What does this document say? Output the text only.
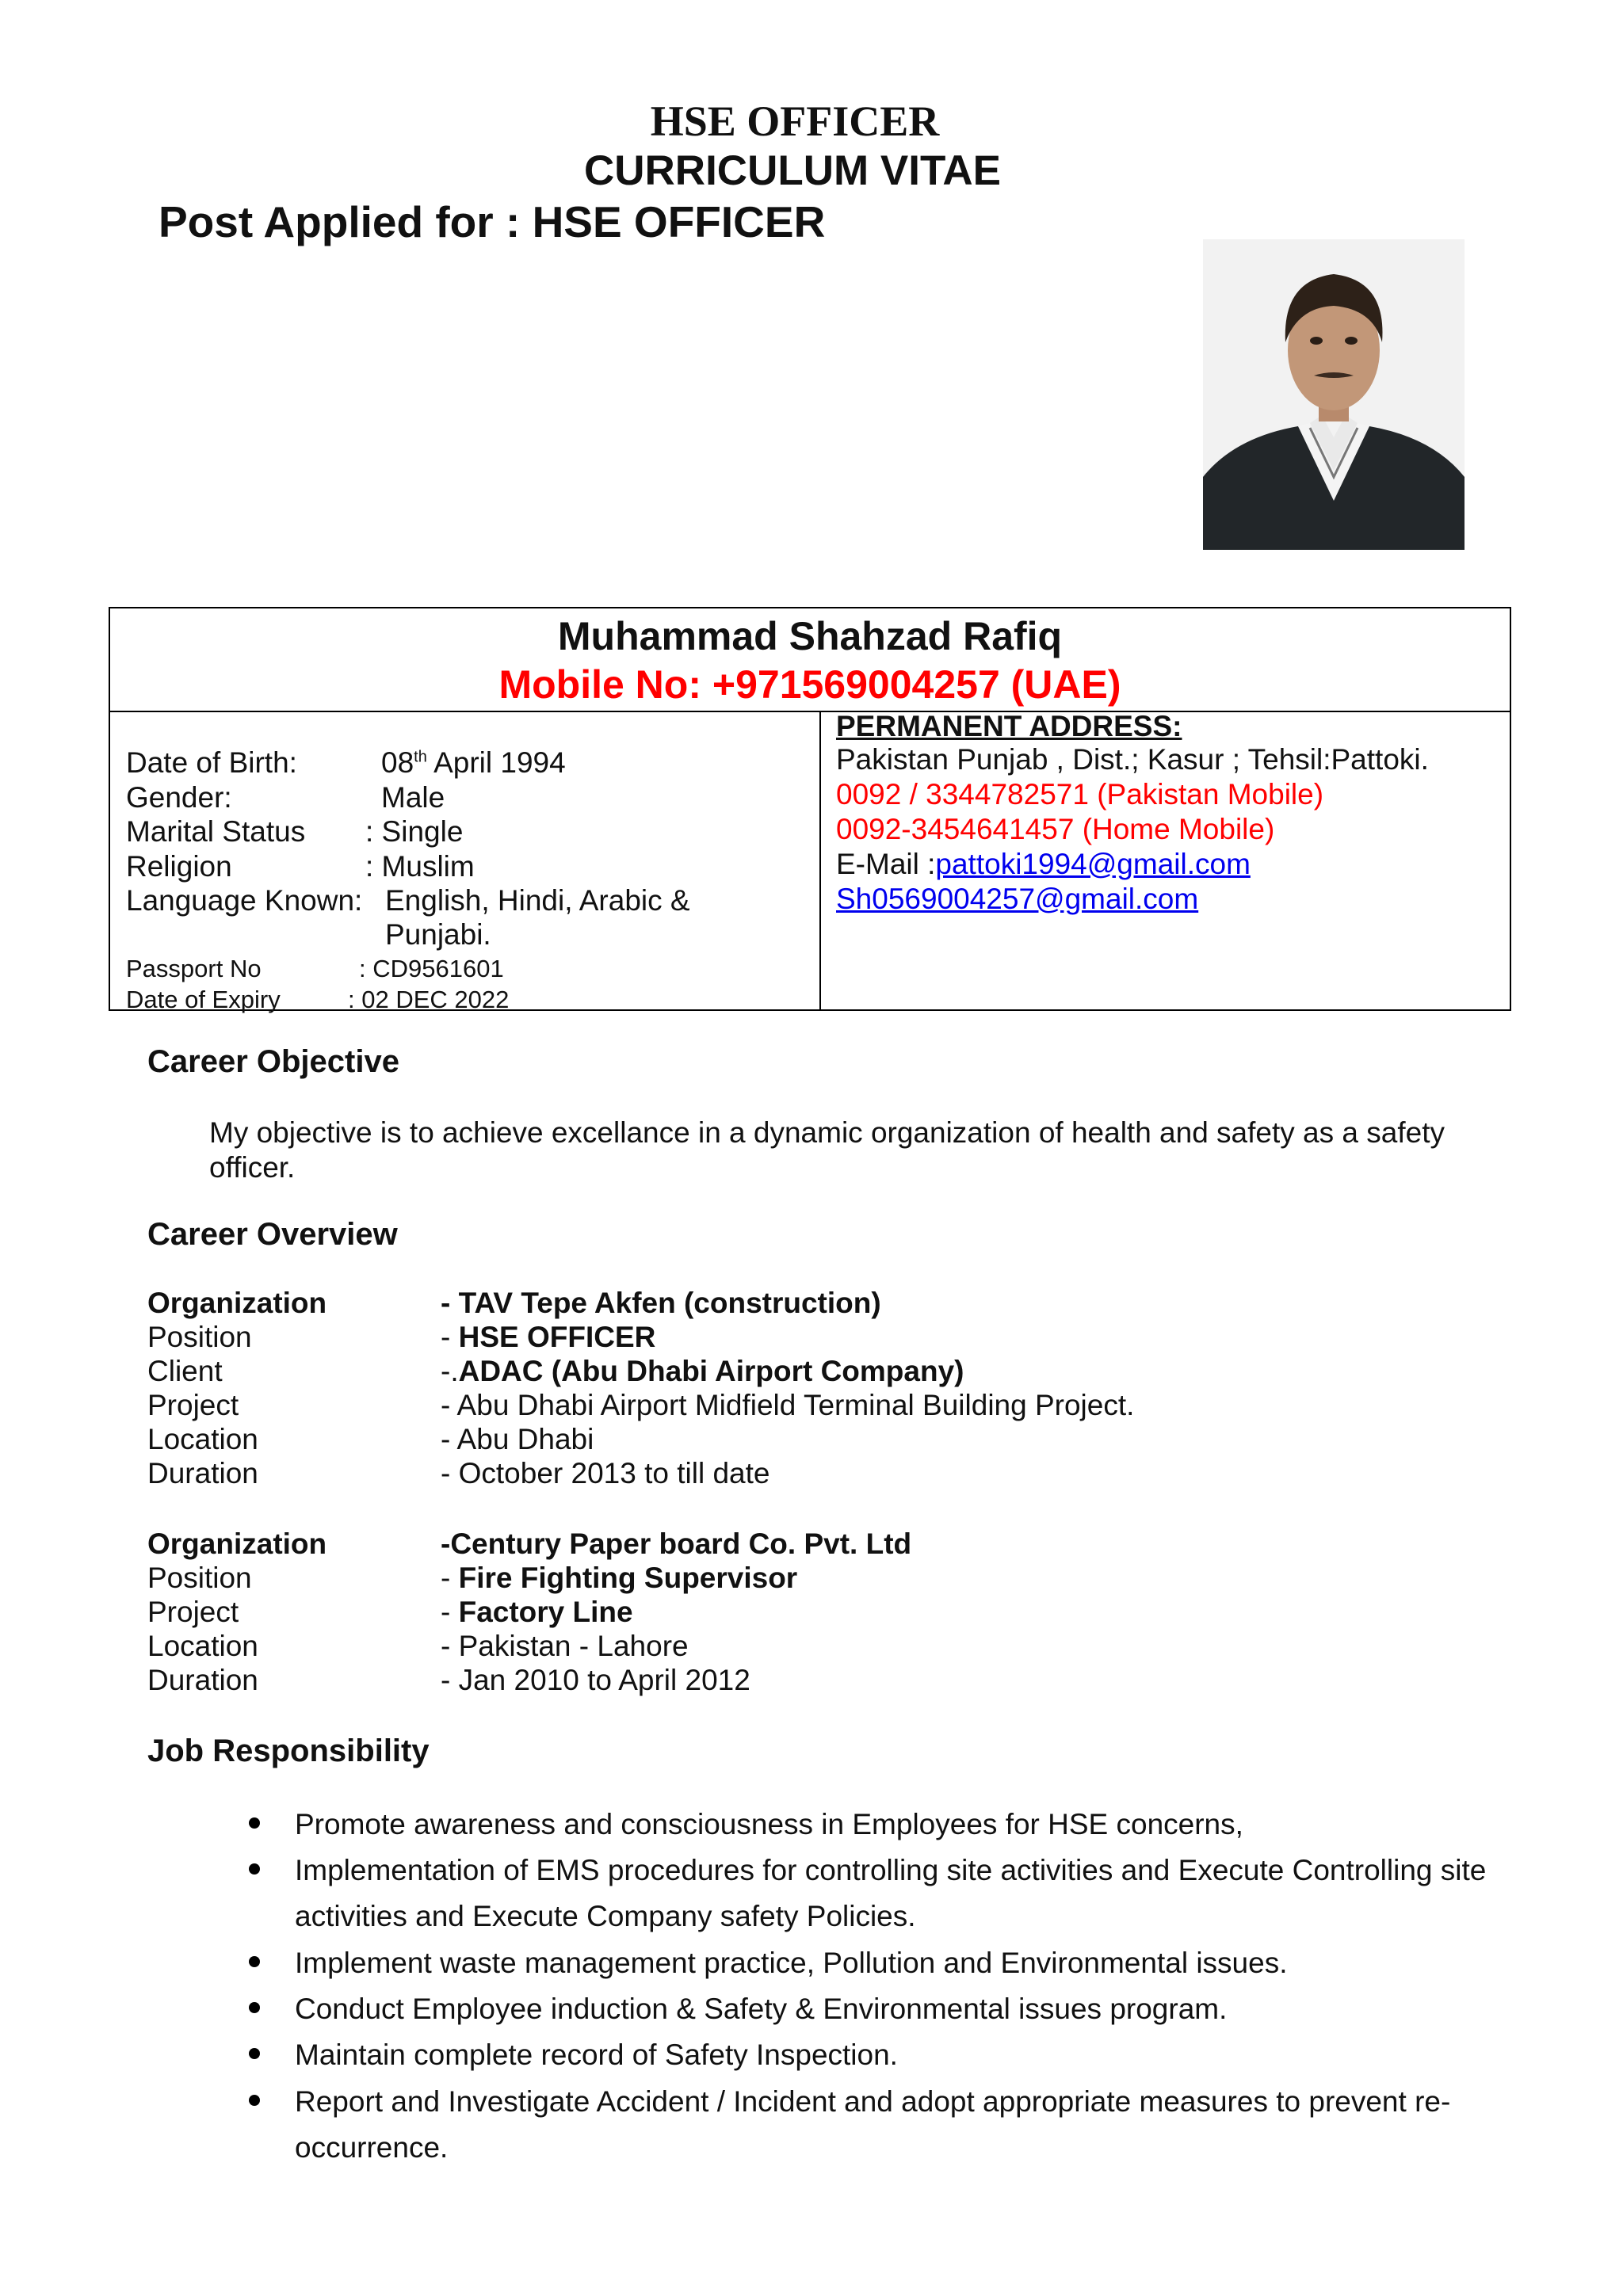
HSE OFFICER
CURRICULUM VITAE
Post Applied for : HSE OFFICER
Muhammad Shahzad Rafiq
Mobile No: +971569004257 (UAE)
Date of Birth:	08th April 1994
Gender:	Male
Marital Status : Single
Religion	: Muslim
Language Known: English, Hindi, Arabic &
Punjabi.
Passport No	: CD9561601
Date of Expiry	: 02 DEC 2022
PERMANENT ADDRESS:
Pakistan Punjab , Dist.; Kasur ; Tehsil:Pattoki.
0092 / 3344782571 (Pakistan Mobile)
0092-3454641457 (Home Mobile)
E-Mail :pattoki1994@gmail.com
Sh0569004257@gmail.com
Career Objective
My objective is to achieve excellance in a dynamic organization of health and safety as a safety officer.
Career Overview
Organization	- TAV Tepe Akfen (construction)
Position	- HSE OFFICER
Client	-.ADAC (Abu Dhabi Airport Company)
Project	- Abu Dhabi Airport Midfield Terminal Building Project.
Location	- Abu Dhabi
Duration	- October 2013 to till date
Organization	-Century Paper board Co. Pvt. Ltd
Position	- Fire Fighting Supervisor
Project	- Factory Line
Location	- Pakistan - Lahore
Duration	- Jan 2010 to April 2012
Job Responsibility
Promote awareness and consciousness in Employees for HSE concerns,
Implementation of EMS procedures for controlling site activities and Execute Controlling site activities and Execute Company safety Policies.
Implement waste management practice, Pollution and Environmental issues.
Conduct Employee induction & Safety & Environmental issues program.
Maintain complete record of Safety Inspection.
Report and Investigate Accident / Incident and adopt appropriate measures to prevent re-occurrence.
